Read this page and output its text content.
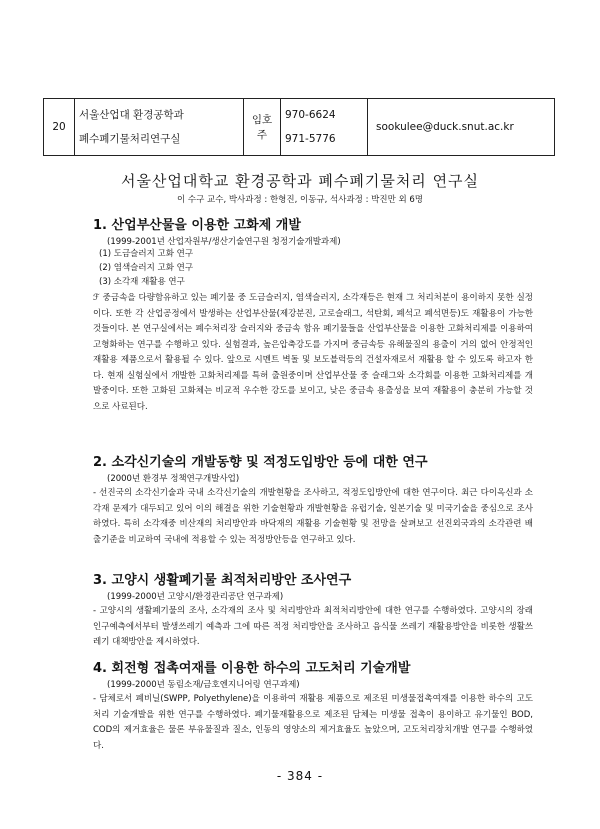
20	
서울산업대 환경공학과
폐수폐기물처리연구실
	임호주	
970-6624
971-5776
	sookulee@duck.snut.ac.kr
서울산업대학교 환경공학과 폐수폐기물처리 연구실
이 수구 교수, 박사과정 : 한형진, 이동규, 석사과정 : 박진만 외 6명
1. 산업부산물을 이용한 고화제 개발
(1999-2001년 산업자원부/생산기술연구원 청정기술개발과제)
(1) 도금슬러지 고화 연구
(2) 염색슬러지 고화 연구
(3) 소각재 재활용 연구
ℱ 중금속을 다량함유하고 있는 폐기물 중 도금슬러지, 염색슬러지, 소각재등은 현재 그 처리처분이 용이하지 못한 실정이다. 또한 각 산업공정에서 발생하는 산업부산물(제강분진, 고로슬래그, 석탄회, 폐석고 폐석면등)도 재활용이 가능한 것들이다. 본 연구실에서는 폐수처리장 슬러지와 중금속 함유 폐기물들을 산업부산물을 이용한 고화처리제를 이용하여 고형화하는 연구를 수행하고 있다. 실험결과, 높은압축강도를 가지며 중금속등 유해물질의 용출이 거의 없어 안정적인 재활용 제품으로서 활용될 수 있다. 앞으로 시멘트 벽돌 및 보도블럭등의 건설자재로서 재활용 할 수 있도록 하고자 한다. 현재 실험실에서 개발한 고화처리제를 특허 출원중이며 산업부산물 중 슬래그와 소각회를 이용한 고화처리제를 개발중이다. 또한 고화된 고화체는 비교적 우수한 강도를 보이고, 낮은 중금속 용출성을 보여 재활용이 충분히 가능할 것으로 사료된다.
2. 소각신기술의 개발동향 및 적정도입방안 등에 대한 연구
(2000년 환경부 정책연구개발사업)
- 선진국의 소각신기술과 국내 소각신기술의 개발현황을 조사하고, 적정도입방안에 대한 연구이다. 최근 다이옥신과 소각재 문제가 대두되고 있어 이의 해결을 위한 기술현황과 개발현황을 유럽기술, 일본기술 및 미국기술을 중심으로 조사하였다. 특히 소각재중 비산재의 처리방안과 바닥재의 재활용 기술현황 및 전망을 살펴보고 선진외국과의 소각관련 배출기준을 비교하여 국내에 적용할 수 있는 적정방안등을 연구하고 있다.
3. 고양시 생활폐기물 최적처리방안 조사연구
(1999-2000년 고양시/환경관리공단 연구과제)
- 고양시의 생활폐기물의 조사, 소각재의 조사 및 처리방안과 최적처리방안에 대한 연구를 수행하였다. 고양시의 장래 인구예측에서부터 발생쓰레기 예측과 그에 따른 적정 처리방안을 조사하고 음식물 쓰레기 재활용방안을 비롯한 생활쓰레기 대책방안을 제시하였다.
4. 회전형 접촉여재를 이용한 하수의 고도처리 기술개발
(1999-2000년 동림소재/금호엔지니어링 연구과제)
- 담체로서 폐비닐(SWPP, Polyethylene)을 이용하여 재활용 제품으로 제조된 미생물접촉여재를 이용한 하수의 고도처리 기술개발을 위한 연구를 수행하였다. 폐기물재활용으로 제조된 담체는 미생물 접촉이 용이하고 유기물인 BOD, COD의 제거효율은 물론 부유물질과 질소, 인동의 영양소의 제거효율도 높았으며, 고도처리장치개발 연구를 수행하였다.
- 384 -
